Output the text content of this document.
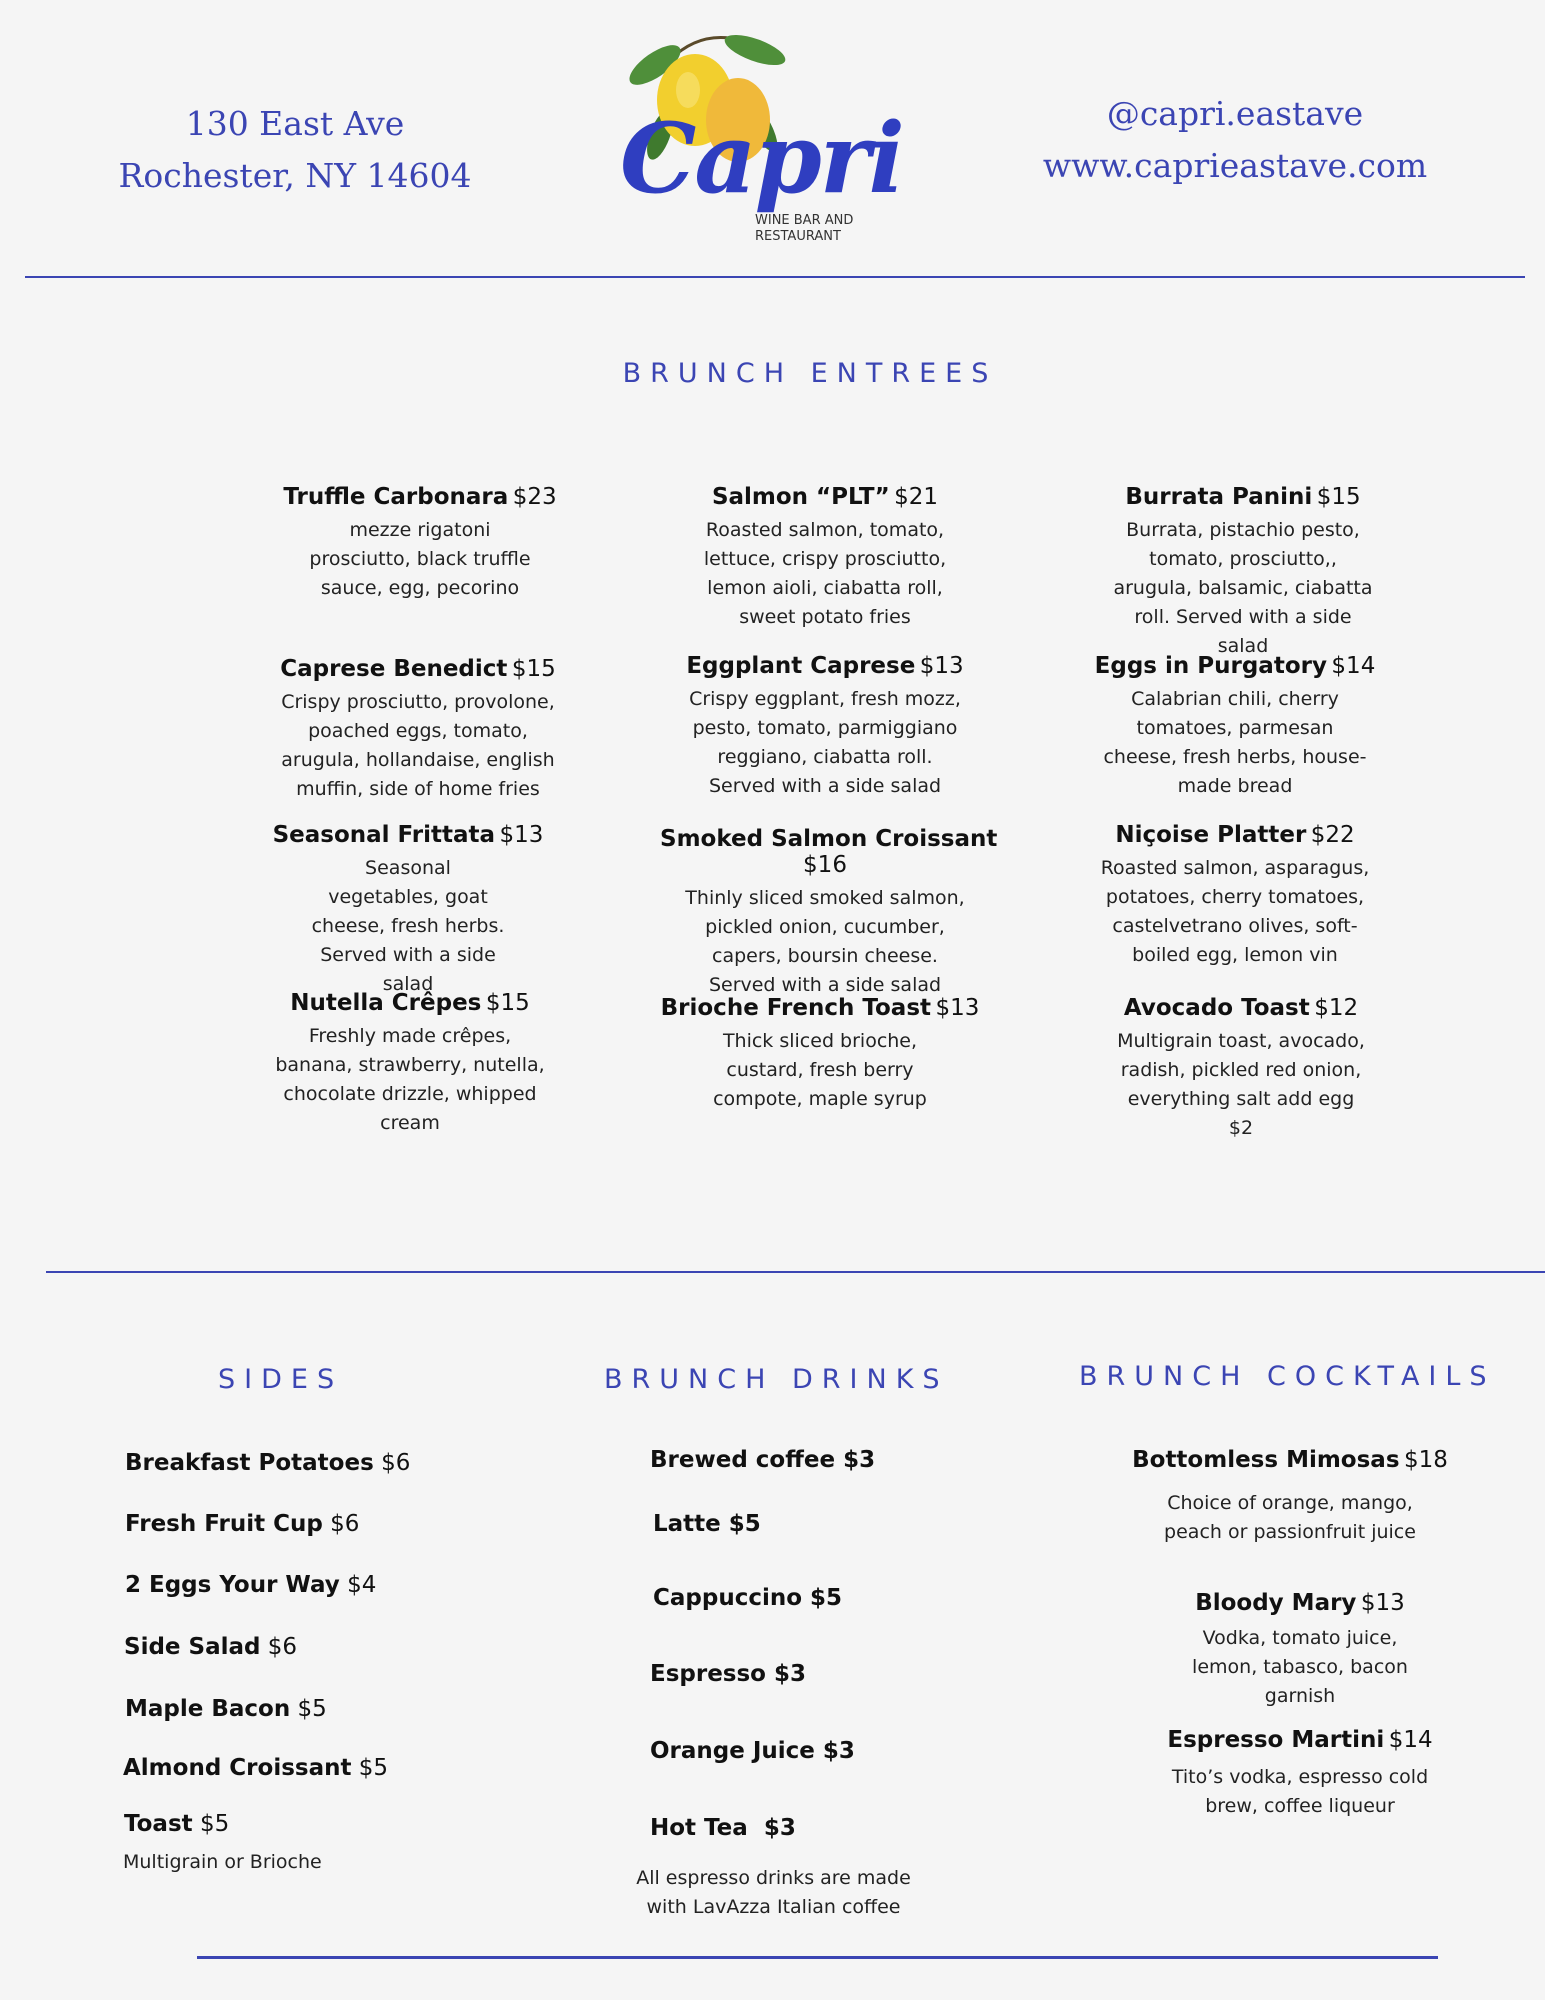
130 East Ave
Rochester, NY 14604	Capri
WINE BAR AND
RESTAURANT
@capri.eastave
www.caprieastave.com
BRUNCH ENTREES
Truffle Carbonara $23
mezze rigatoni prosciutto, black truffle sauce, egg, pecorino
Salmon “PLT” $21
Roasted salmon, tomato, lettuce, crispy prosciutto, lemon aioli, ciabatta roll, sweet potato fries
Burrata Panini $15
Burrata, pistachio pesto, tomato, prosciutto,, arugula, balsamic, ciabatta roll. Served with a side salad
Caprese Benedict $15
Crispy prosciutto, provolone, poached eggs, tomato, arugula, hollandaise, english muffin, side of home fries
Eggplant Caprese $13
Crispy eggplant, fresh mozz, pesto, tomato, parmiggiano reggiano, ciabatta roll. Served with a side salad
Eggs in Purgatory $14
Calabrian chili, cherry tomatoes, parmesan cheese, fresh herbs, house-made bread
Seasonal Frittata $13
Seasonal vegetables, goat cheese, fresh herbs. Served with a side salad
Smoked Salmon Croissant $16
Thinly sliced smoked salmon, pickled onion, cucumber, capers, boursin cheese. Served with a side salad
Niçoise Platter $22
Roasted salmon, asparagus, potatoes, cherry tomatoes, castelvetrano olives, soft-boiled egg, lemon vin
Nutella Crêpes $15
Freshly made crêpes, banana, strawberry, nutella, chocolate drizzle, whipped cream
Brioche French Toast $13
Thick sliced brioche, custard, fresh berry compote, maple syrup
Avocado Toast $12
Multigrain toast, avocado, radish, pickled red onion, everything salt add egg $2
SIDES
Breakfast Potatoes $6
Fresh Fruit Cup $6
2 Eggs Your Way $4
Side Salad $6
Maple Bacon $5
Almond Croissant $5
Toast $5
Multigrain or Brioche
BRUNCH DRINKS
Brewed coffee $3
Latte $5
Cappuccino $5
Espresso $3
Orange Juice $3
Hot Tea  $3
All espresso drinks are made with LavAzza Italian coffee
BRUNCH COCKTAILS
Bottomless Mimosas $18
Choice of orange, mango, peach or passionfruit juice
Bloody Mary $13
Vodka, tomato juice, lemon, tabasco, bacon garnish
Espresso Martini $14
Tito’s vodka, espresso cold brew, coffee liqueur
